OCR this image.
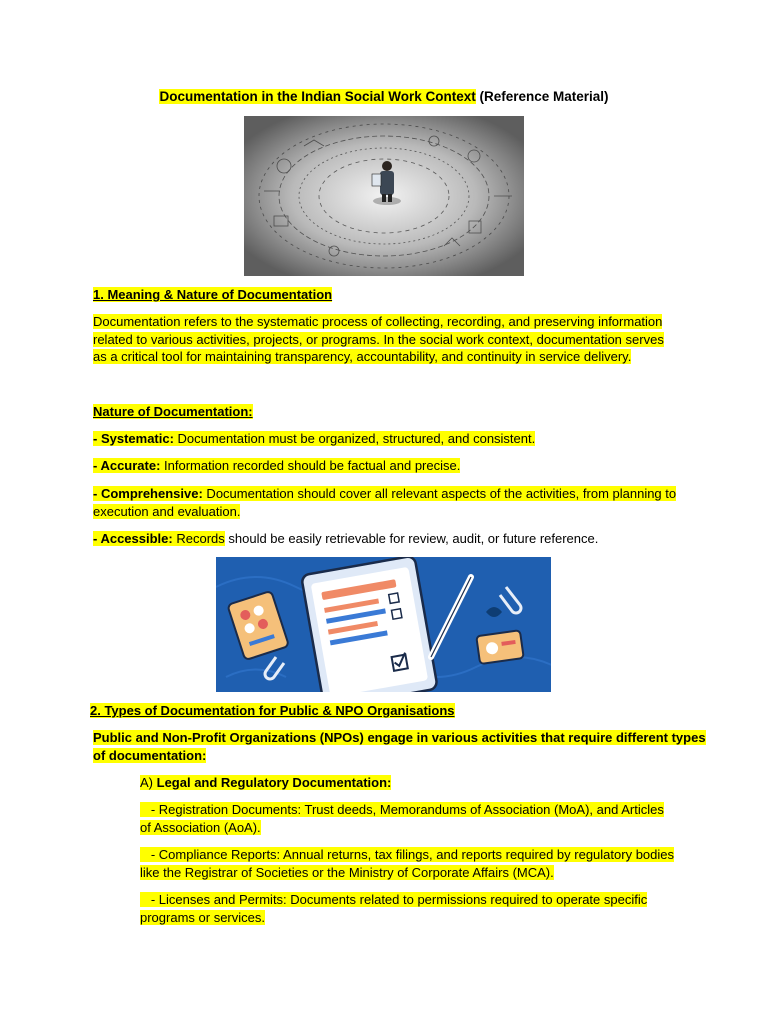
Documentation in the Indian Social Work Context (Reference Material)
1. Meaning & Nature of Documentation
Documentation refers to the systematic process of collecting, recording, and preserving information
related to various activities, projects, or programs. In the social work context, documentation serves
as a critical tool for maintaining transparency, accountability, and continuity in service delivery.
Nature of Documentation:
- Systematic: Documentation must be organized, structured, and consistent.
- Accurate: Information recorded should be factual and precise.
- Comprehensive: Documentation should cover all relevant aspects of the activities, from planning to
execution and evaluation.
- Accessible: Records should be easily retrievable for review, audit, or future reference.
2. Types of Documentation for Public & NPO Organisations
Public and Non-Profit Organizations (NPOs) engage in various activities that require different types
of documentation:
A) Legal and Regulatory Documentation:
- Registration Documents: Trust deeds, Memorandums of Association (MoA), and Articles
of Association (AoA).
- Compliance Reports: Annual returns, tax filings, and reports required by regulatory bodies
like the Registrar of Societies or the Ministry of Corporate Affairs (MCA).
- Licenses and Permits: Documents related to permissions required to operate specific
programs or services.
